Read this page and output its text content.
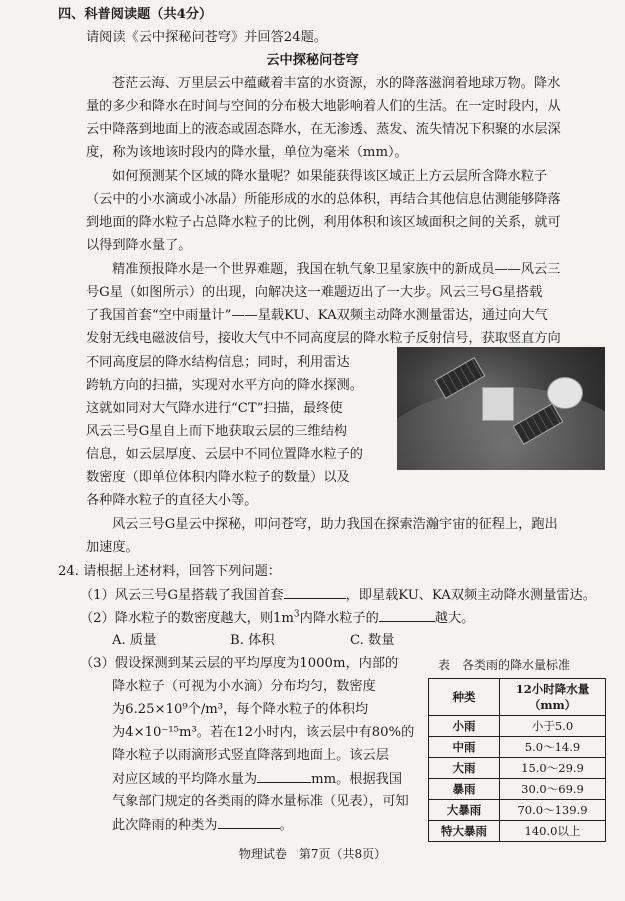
四、科普阅读题（共4分）
请阅读《云中探秘问苍穹》并回答24题。
云中探秘问苍穹
苍茫云海、万里层云中蕴藏着丰富的水资源，水的降落滋润着地球万物。降水
量的多少和降水在时间与空间的分布极大地影响着人们的生活。在一定时段内，从
云中降落到地面上的液态或固态降水，在无渗透、蒸发、流失情况下积聚的水层深
度，称为该地该时段内的降水量，单位为毫米（mm）。
如何预测某个区域的降水量呢？如果能获得该区域正上方云层所含降水粒子
（云中的小水滴或小冰晶）所能形成的水的总体积，再结合其他信息估测能够降落
到地面的降水粒子占总降水粒子的比例，利用体积和该区域面积之间的关系，就可
以得到降水量了。
精准预报降水是一个世界难题，我国在轨气象卫星家族中的新成员——风云三
号G星（如图所示）的出现，向解决这一难题迈出了一大步。风云三号G星搭载
了我国首套“空中雨量计”——星载KU、KA双频主动降水测量雷达，通过向大气
发射无线电磁波信号，接收大气中不同高度层的降水粒子反射信号，获取竖直方向
不同高度层的降水结构信息；同时，利用雷达
跨轨方向的扫描，实现对水平方向的降水探测。
这就如同对大气降水进行“CT”扫描，最终使
风云三号G星自上而下地获取云层的三维结构
信息，如云层厚度、云层中不同位置降水粒子的
数密度（即单位体积内降水粒子的数量）以及
各种降水粒子的直径大小等。
风云三号G星云中探秘，叩问苍穹，助力我国在探索浩瀚宇宙的征程上，跑出
加速度。
24. 请根据上述材料，回答下列问题：
（1）风云三号G星搭载了我国首套	，即星载KU、KA双频主动降水测量雷达。
（2）降水粒子的数密度越大，则$1m^3$内降水粒子的	越大。
A. 质量	B. 体积	C. 数量
（3）假设探测到某云层的平均厚度为1000m，内部的
降水粒子（可视为小水滴）分布均匀，数密度
为6.25×10⁹个/m³，每个降水粒子的体积均
为4×10⁻¹⁵m³。若在12小时内，该云层中有80%的
降水粒子以雨滴形式竖直降落到地面上。该云层
对应区域的平均降水量为	mm。根据我国
气象部门规定的各类雨的降水量标准（见表），可知
此次降雨的种类为	。
表　各类雨的降水量标准
种类	12小时降水量（mm）
小雨	小于5.0
中雨	5.0～14.9
大雨	15.0～29.9
暴雨	30.0～69.9
大暴雨	70.0～139.9
特大暴雨	140.0以上
物理试卷　第7页（共8页）
